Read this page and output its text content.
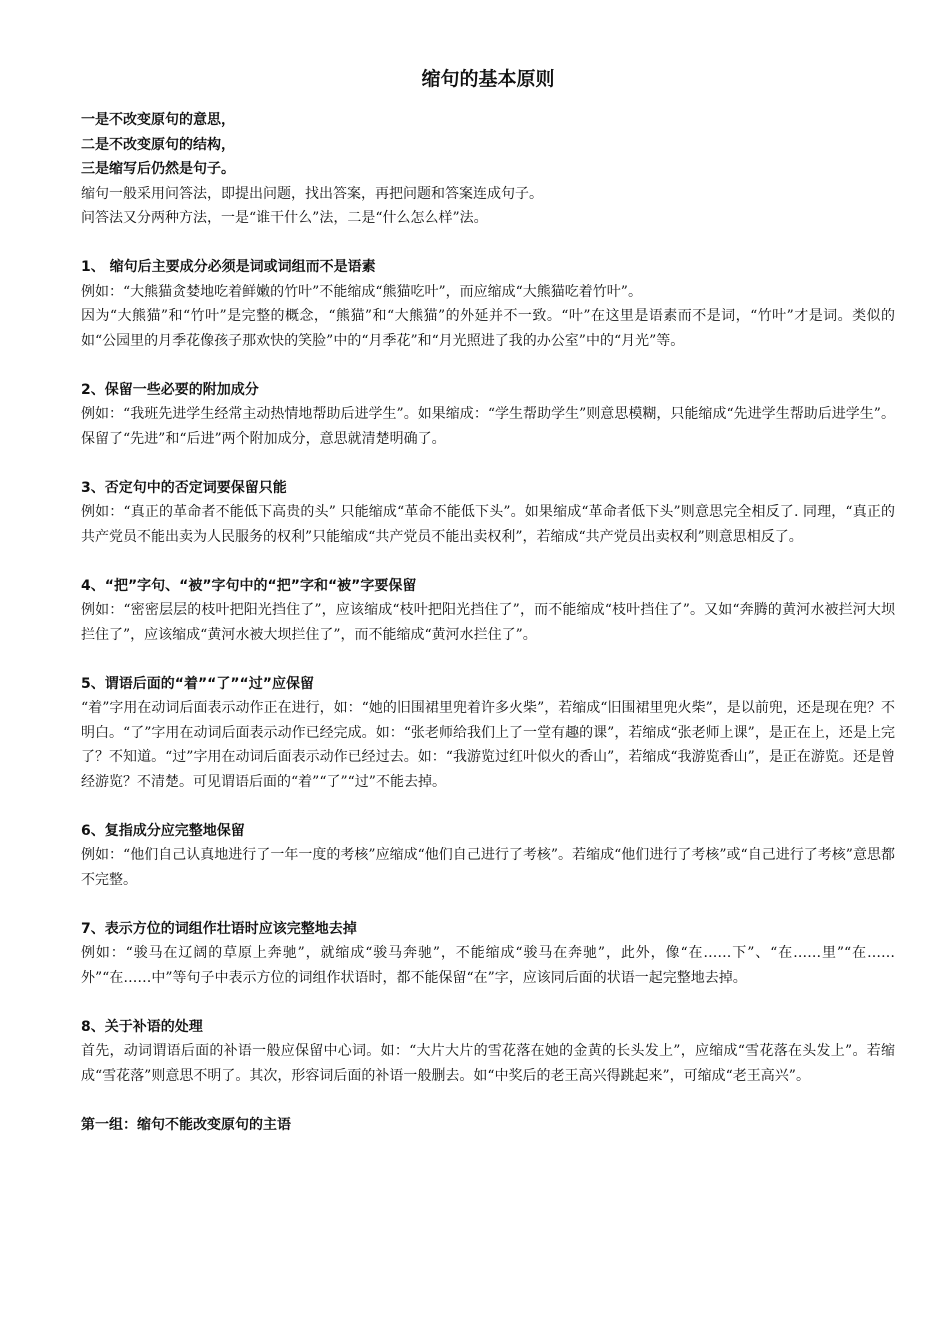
缩句的基本原则

一是不改变原句的意思，

二是不改变原句的结构，

三是缩写后仍然是句子。

缩句一般采用问答法，即提出问题，找出答案，再把问题和答案连成句子。

问答法又分两种方法，一是“谁干什么”法，二是“什么怎么样”法。

1、 缩句后主要成分必须是词或词组而不是语素

例如：“大熊猫贪婪地吃着鲜嫩的竹叶”不能缩成“熊猫吃叶”，而应缩成“大熊猫吃着竹叶”。

因为“大熊猫”和“竹叶”是完整的概念，“熊猫”和“大熊猫”的外延并不一致。“叶”在这里是语素而不是词，“竹叶”才是词。类似的如“公园里的月季花像孩子那欢快的笑脸”中的“月季花”和“月光照进了我的办公室”中的“月光”等。

2、保留一些必要的附加成分

例如：“我班先进学生经常主动热情地帮助后进学生”。如果缩成：“学生帮助学生”则意思模糊，只能缩成“先进学生帮助后进学生”。保留了“先进”和“后进”两个附加成分，意思就清楚明确了。

3、否定句中的否定词要保留只能

例如：“真正的革命者不能低下高贵的头” 只能缩成“革命不能低下头”。如果缩成“革命者低下头”则意思完全相反了. 同理，“真正的共产党员不能出卖为人民服务的权利”只能缩成“共产党员不能出卖权利”，若缩成“共产党员出卖权利”则意思相反了。

4、“把”字句、“被”字句中的“把”字和“被”字要保留

例如：“密密层层的枝叶把阳光挡住了”，应该缩成“枝叶把阳光挡住了”，而不能缩成“枝叶挡住了”。又如“奔腾的黄河水被拦河大坝拦住了”，应该缩成“黄河水被大坝拦住了”，而不能缩成“黄河水拦住了”。

5、谓语后面的“着”“了”“过”应保留

“着”字用在动词后面表示动作正在进行，如：“她的旧围裙里兜着许多火柴”，若缩成“旧围裙里兜火柴”，是以前兜，还是现在兜？不明白。“了”字用在动词后面表示动作已经完成。如：“张老师给我们上了一堂有趣的课”，若缩成“张老师上课”，是正在上，还是上完了？不知道。“过”字用在动词后面表示动作已经过去。如：“我游览过红叶似火的香山”，若缩成“我游览香山”，是正在游览。还是曾经游览？不清楚。可见谓语后面的“着”“了”“过”不能去掉。

6、复指成分应完整地保留

例如：“他们自己认真地进行了一年一度的考核”应缩成“他们自己进行了考核”。若缩成“他们进行了考核”或“自己进行了考核”意思都不完整。

7、表示方位的词组作壮语时应该完整地去掉

例如：“骏马在辽阔的草原上奔驰”，就缩成“骏马奔驰”，不能缩成“骏马在奔驰”，此外，像“在……下”、“在……里”“在……外”“在……中”等句子中表示方位的词组作状语时，都不能保留“在”字，应该同后面的状语一起完整地去掉。

8、关于补语的处理

首先，动词谓语后面的补语一般应保留中心词。如：“大片大片的雪花落在她的金黄的长头发上”，应缩成“雪花落在头发上”。若缩成“雪花落”则意思不明了。其次，形容词后面的补语一般删去。如“中奖后的老王高兴得跳起来”，可缩成“老王高兴”。

第一组：缩句不能改变原句的主语
